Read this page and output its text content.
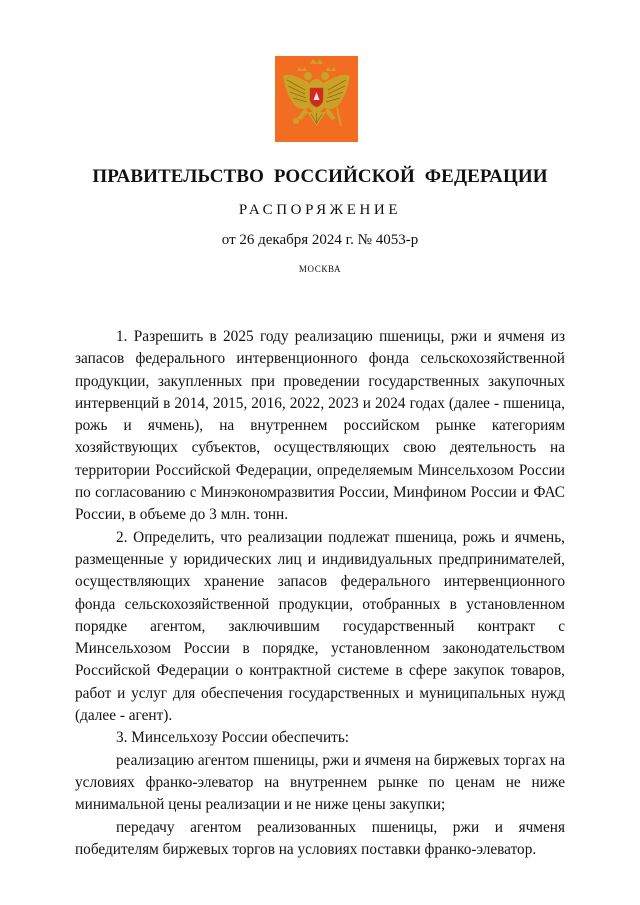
ПРАВИТЕЛЬСТВО РОССИЙСКОЙ ФЕДЕРАЦИИ
РАСПОРЯЖЕНИЕ
от 26 декабря 2024 г. № 4053-р
МОСКВА

1. Разрешить в 2025 году реализацию пшеницы, ржи и ячменя из запасов федерального интервенционного фонда сельскохозяйственной продукции, закупленных при проведении государственных закупочных интервенций в 2014, 2015, 2016, 2022, 2023 и 2024 годах (далее - пшеница, рожь и ячмень), на внутреннем российском рынке категориям хозяйствующих субъектов, осуществляющих свою деятельность на территории Российской Федерации, определяемым Минсельхозом России по согласованию с Минэкономразвития России, Минфином России и ФАС России, в объеме до 3 млн. тонн.

2. Определить, что реализации подлежат пшеница, рожь и ячмень, размещенные у юридических лиц и индивидуальных предпринимателей, осуществляющих хранение запасов федерального интервенционного фонда сельскохозяйственной продукции, отобранных в установленном порядке агентом, заключившим государственный контракт с Минсельхозом России в порядке, установленном законодательством Российской Федерации о контрактной системе в сфере закупок товаров, работ и услуг для обеспечения государственных и муниципальных нужд (далее - агент).

3. Минсельхозу России обеспечить:

реализацию агентом пшеницы, ржи и ячменя на биржевых торгах на условиях франко-элеватор на внутреннем рынке по ценам не ниже минимальной цены реализации и не ниже цены закупки;

передачу агентом реализованных пшеницы, ржи и ячменя победителям биржевых торгов на условиях поставки франко-элеватор.
